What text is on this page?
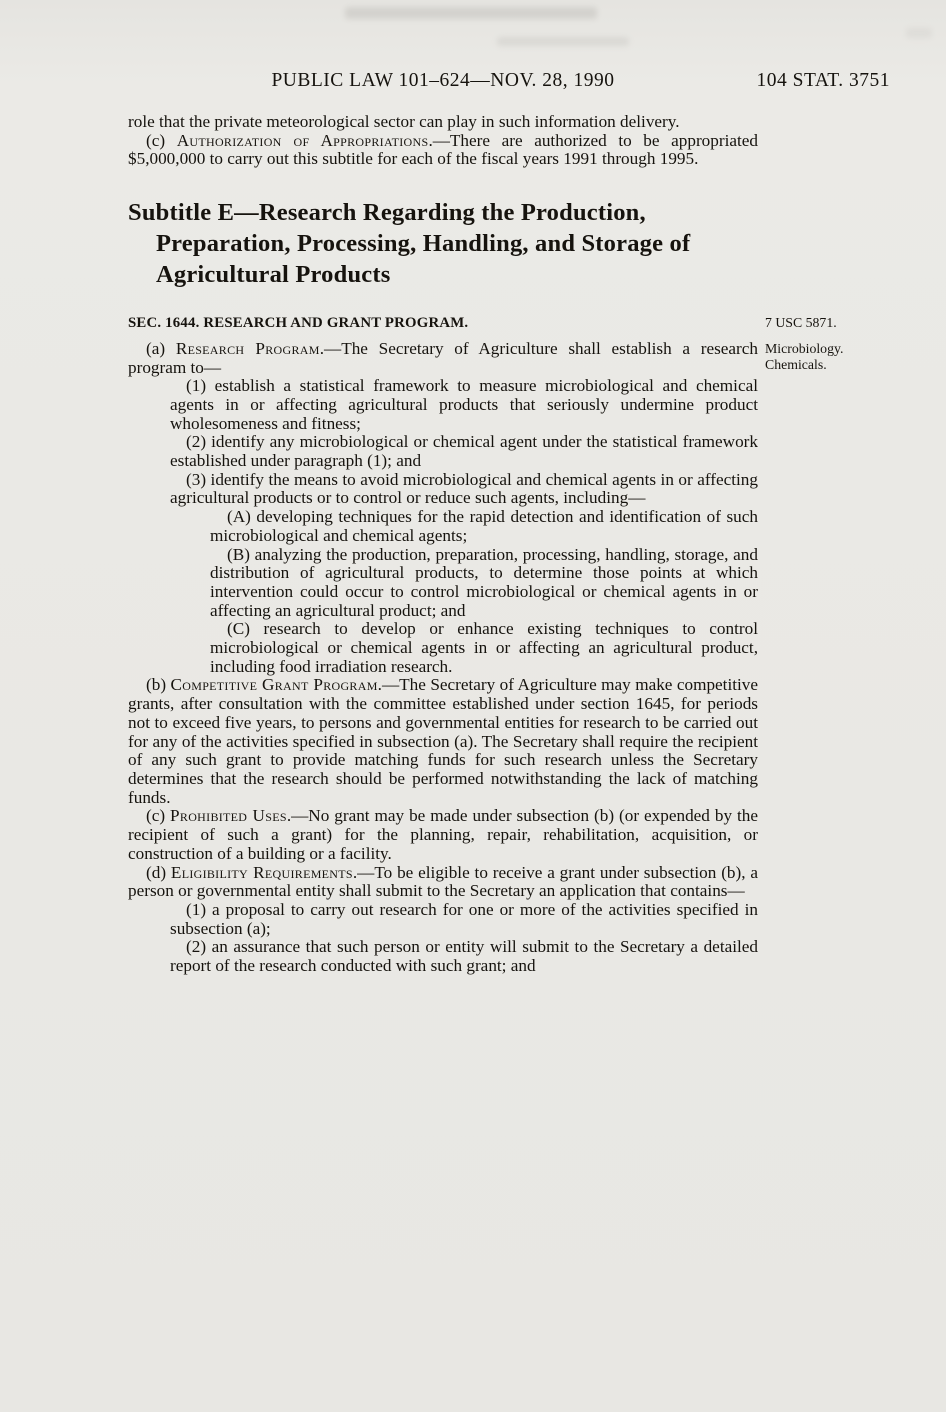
PUBLIC LAW 101–624—NOV. 28, 1990	104 STAT. 3751

role that the private meteorological sector can play in such information delivery.

(c) Authorization of Appropriations.—There are authorized to be appropriated $5,000,000 to carry out this subtitle for each of the fiscal years 1991 through 1995.

Subtitle E—Research Regarding the Production, Preparation, Processing, Handling, and Storage of Agricultural Products
SEC. 1644. RESEARCH AND GRANT PROGRAM.	7 USC 5871.

(a) Research Program.—The Secretary of Agriculture shall establish a research program to—
Microbiology.
Chemicals.

(1) establish a statistical framework to measure microbiological and chemical agents in or affecting agricultural products that seriously undermine product wholesomeness and fitness;

(2) identify any microbiological or chemical agent under the statistical framework established under paragraph (1); and

(3) identify the means to avoid microbiological and chemical agents in or affecting agricultural products or to control or reduce such agents, including—

(A) developing techniques for the rapid detection and identification of such microbiological and chemical agents;

(B) analyzing the production, preparation, processing, handling, storage, and distribution of agricultural products, to determine those points at which intervention could occur to control microbiological or chemical agents in or affecting an agricultural product; and

(C) research to develop or enhance existing techniques to control microbiological or chemical agents in or affecting an agricultural product, including food irradiation research.

(b) Competitive Grant Program.—The Secretary of Agriculture may make competitive grants, after consultation with the committee established under section 1645, for periods not to exceed five years, to persons and governmental entities for research to be carried out for any of the activities specified in subsection (a). The Secretary shall require the recipient of any such grant to provide matching funds for such research unless the Secretary determines that the research should be performed notwithstanding the lack of matching funds.

(c) Prohibited Uses.—No grant may be made under subsection (b) (or expended by the recipient of such a grant) for the planning, repair, rehabilitation, acquisition, or construction of a building or a facility.

(d) Eligibility Requirements.—To be eligible to receive a grant under subsection (b), a person or governmental entity shall submit to the Secretary an application that contains—

(1) a proposal to carry out research for one or more of the activities specified in subsection (a);

(2) an assurance that such person or entity will submit to the Secretary a detailed report of the research conducted with such grant; and
